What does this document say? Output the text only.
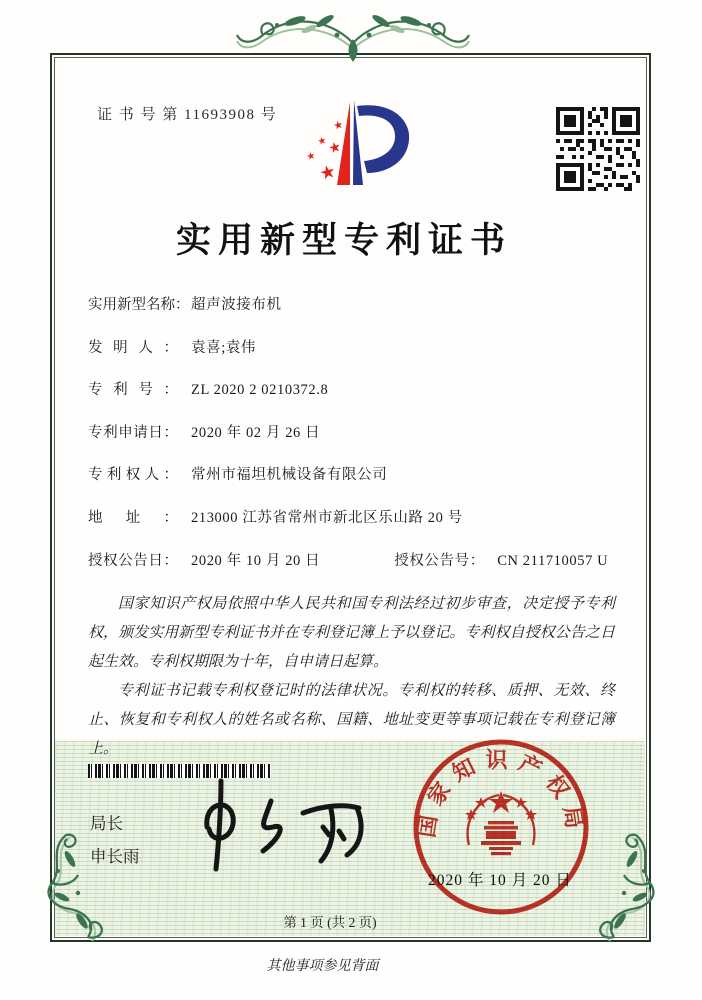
证 书 号 第 11693908 号
★
★ ★
★
★
实用新型专利证书
实用新型名称： 超声波接布机
发明人： 袁喜;袁伟
专利号： ZL 2020 2 0210372.8
专利申请日： 2020 年 02 月 26 日
专利权人： 常州市福坦机械设备有限公司
地址： 213000 江苏省常州市新北区乐山路 20 号
授权公告日： 2020 年 10 月 20 日	授权公告号： CN 211710057 U

国家知识产权局依照中华人民共和国专利法经过初步审查，决定授予专利权，颁发实用新型专利证书并在专利登记簿上予以登记。专利权自授权公告之日起生效。专利权期限为十年，自申请日起算。

专利证书记载专利权登记时的法律状况。专利权的转移、质押、无效、终止、恢复和专利权人的姓名或名称、国籍、地址变更等事项记载在专利登记簿上。

局长
申长雨
国家知识产权局
2020 年 10 月 20 日
第 1 页 (共 2 页)
其他事项参见背面
